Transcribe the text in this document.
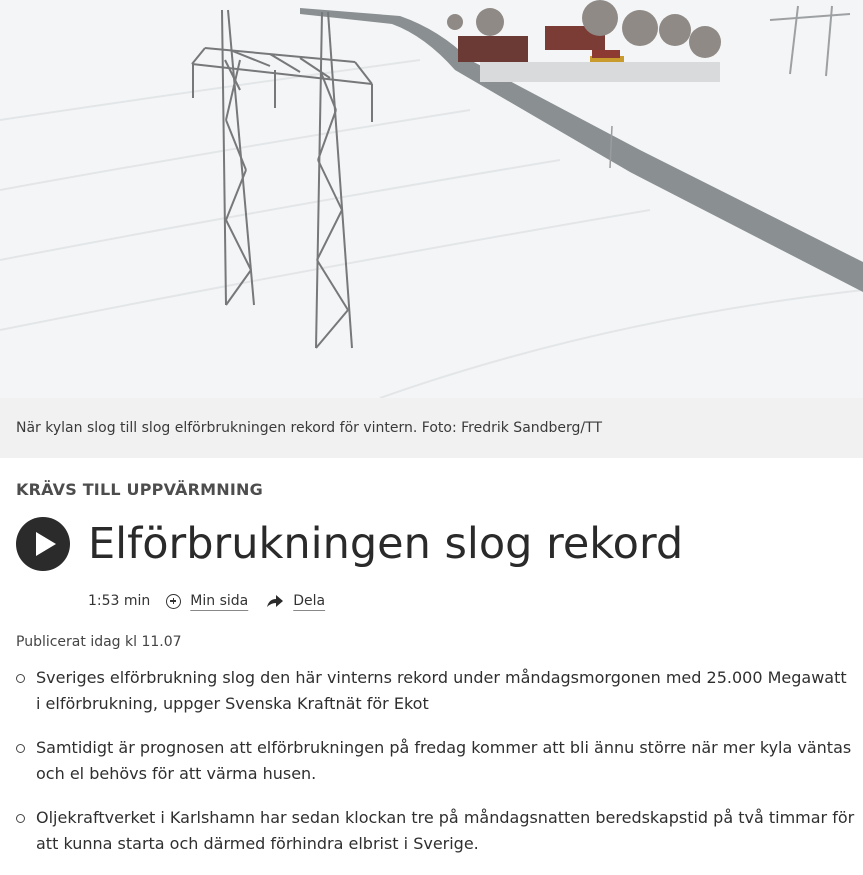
När kylan slog till slog elförbrukningen rekord för vintern. Foto: Fredrik Sandberg/TT
KRÄVS TILL UPPVÄRMNING
Elförbrukningen slog rekord
1:53 min	Min sida	Dela
Publicerat idag kl 11.07
Sveriges elförbrukning slog den här vinterns rekord under måndagsmorgonen med 25.000 Megawatt i elförbrukning, uppger Svenska Kraftnät för Ekot
Samtidigt är prognosen att elförbrukningen på fredag kommer att bli ännu större när mer kyla väntas och el behövs för att värma husen.
Oljekraftverket i Karlshamn har sedan klockan tre på måndagsnatten beredskapstid på två timmar för att kunna starta och därmed förhindra elbrist i Sverige.
